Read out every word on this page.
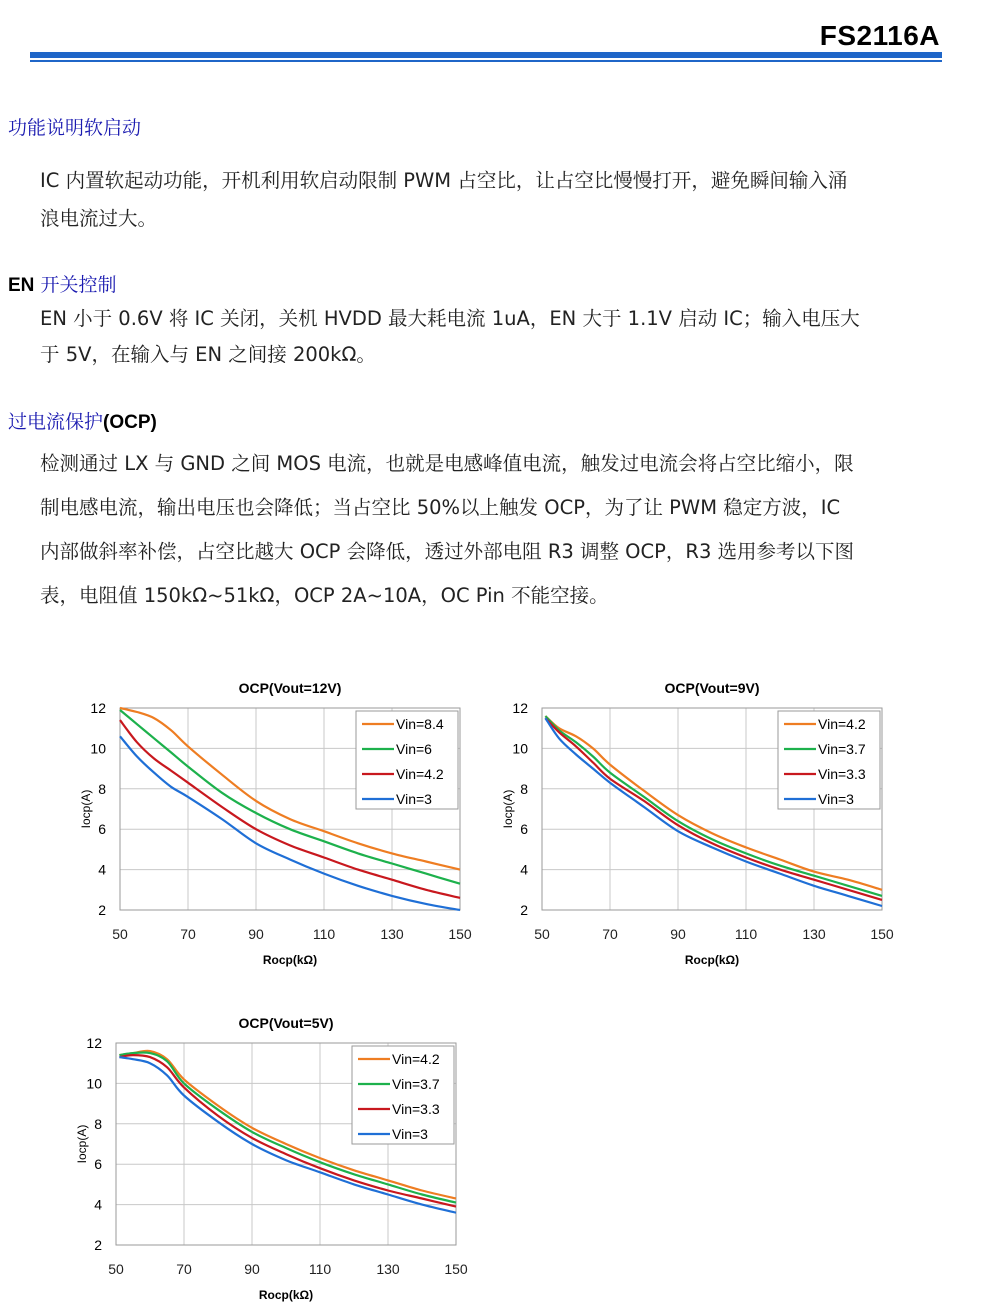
FS2116A
功能说明软启动

IC 内置软起动功能，开机利用软启动限制 PWM 占空比，让占空比慢慢打开，避免瞬间输入涌

浪电流过大。

EN 开关控制

EN 小于 0.6V 将 IC 关闭，关机 HVDD 最大耗电流 1uA，EN 大于 1.1V 启动 IC；输入电压大

于 5V，在输入与 EN 之间接 200kΩ。

过电流保护(OCP)

检测通过 LX 与 GND 之间 MOS 电流，也就是电感峰值电流，触发过电流会将占空比缩小，限

制电感电流，输出电压也会降低；当占空比 50%以上触发 OCP，为了让 PWM 稳定方波，IC

内部做斜率补偿，占空比越大 OCP 会降低，透过外部电阻 R3 调整 OCP，R3 选用参考以下图

表，电阻值 150kΩ~51kΩ，OCP 2A~10A，OC Pin 不能空接。

OCP(Vout=12V)
2
4
6
8
10
12
50	70	90	110	130	150
Rocp(kΩ)
Iocp(A)
Vin=8.4
Vin=6
Vin=4.2
Vin=3
OCP(Vout=9V)
2
4
6
8
10
12
50	70	90	110	130	150
Rocp(kΩ)
Iocp(A)
Vin=4.2
Vin=3.7
Vin=3.3
Vin=3
OCP(Vout=5V)
2
4
6
8
10
12
50	70	90	110	130	150
Rocp(kΩ)
Iocp(A)
Vin=4.2
Vin=3.7
Vin=3.3
Vin=3
